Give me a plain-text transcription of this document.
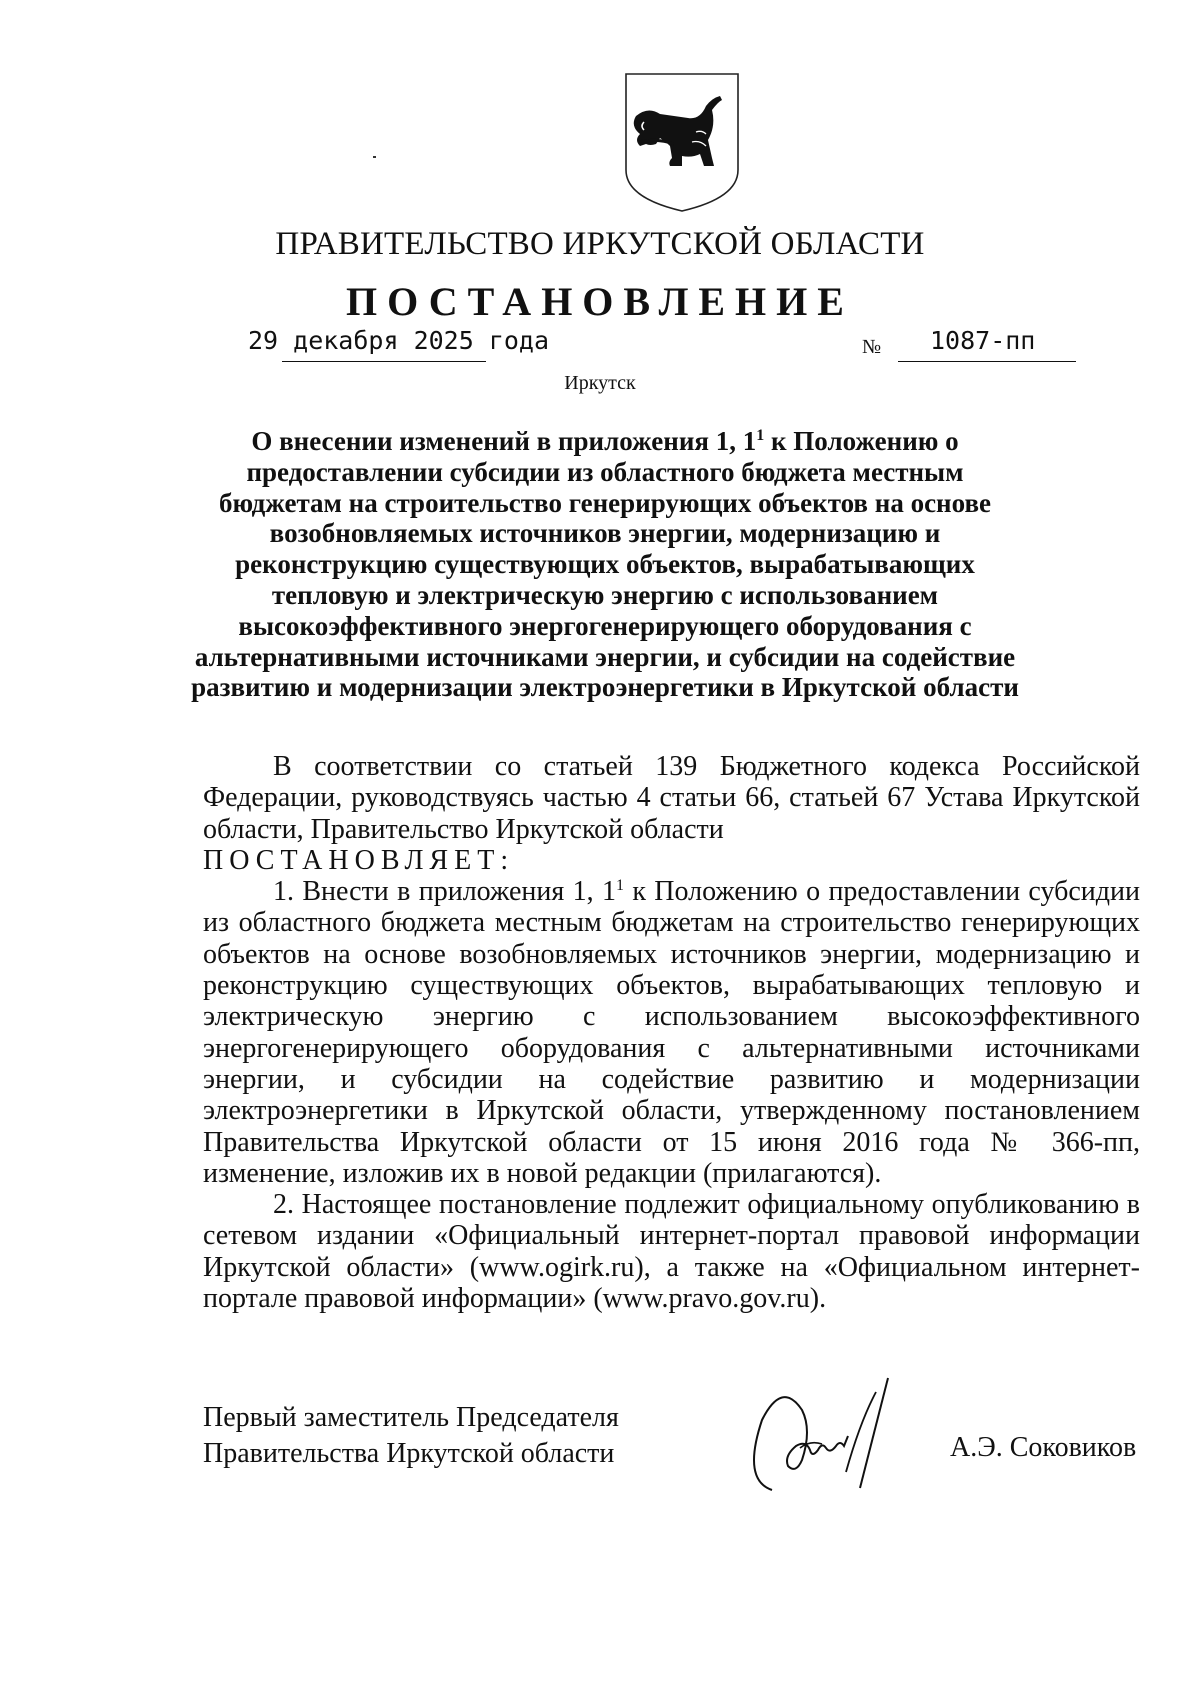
ПРАВИТЕЛЬСТВО ИРКУТСКОЙ ОБЛАСТИ
ПОСТАНОВЛЕНИЕ
29 декабря 2025 года	№ 1087-пп
Иркутск
О внесении изменений в приложения 1, $1^1$ к Положению о предоставлении субсидии из областного бюджета местным бюджетам на строительство генерирующих объектов на основе возобновляемых источников энергии, модернизацию и реконструкцию существующих объектов, вырабатывающих тепловую и электрическую энергию с использованием высокоэффективного энергогенерирующего оборудования с альтернативными источниками энергии, и субсидии на содействие развитию и модернизации электроэнергетики в Иркутской области

В соответствии со статьей 139 Бюджетного кодекса Российской Федерации, руководствуясь частью 4 статьи 66, статьей 67 Устава Иркутской области, Правительство Иркутской области

ПОСТАНОВЛЯЕТ:

1. Внести в приложения 1, $1^1$ к Положению о предоставлении субсидии из областного бюджета местным бюджетам на строительство генерирующих объектов на основе возобновляемых источников энергии, модернизацию и реконструкцию существующих объектов, вырабатывающих тепловую и электрическую энергию с использованием высокоэффективного энергогенерирующего оборудования с альтернативными источниками энергии, и субсидии на содействие развитию и модернизации электроэнергетики в Иркутской области, утвержденному постановлением Правительства Иркутской области от 15 июня 2016 года № 366-пп, изменение, изложив их в новой редакции (прилагаются).

2. Настоящее постановление подлежит официальному опубликованию в сетевом издании «Официальный интернет-портал правовой информации Иркутской области» (www.ogirk.ru), а также на «Официальном интернет-портале правовой информации» (www.pravo.gov.ru).

Первый заместитель Председателя
Правительства Иркутской области	А.Э. Соковиков
